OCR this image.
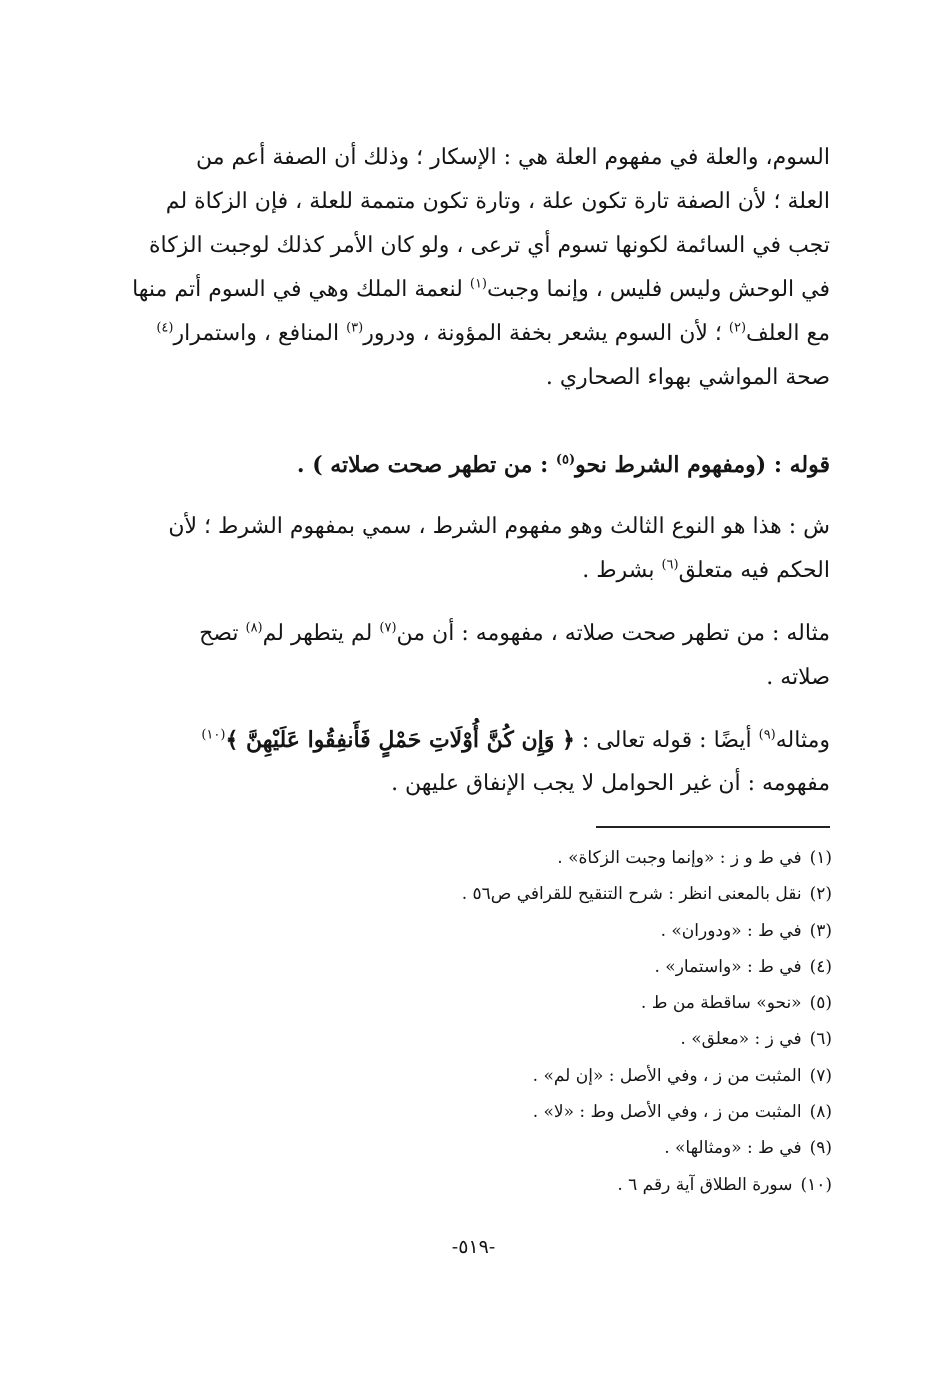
السوم، والعلة في مفهوم العلة هي : الإسكار ؛ وذلك أن الصفة أعم من
العلة ؛ لأن الصفة تارة تكون علة ، وتارة تكون متممة للعلة ، فإن الزكاة لم
تجب في السائمة لكونها تسوم أي ترعى ، ولو كان الأمر كذلك لوجبت الزكاة
في الوحش وليس فليس ، وإنما وجبت$^{(١)}$ لنعمة الملك وهي في السوم أتم منها
مع العلف$^{(٢)}$ ؛ لأن السوم يشعر بخفة المؤونة ، ودرور$^{(٣)}$ المنافع ، واستمرار$^{(٤)}$
صحة المواشي بهواء الصحاري .
قوله : (ومفهوم الشرط نحو$^{(٥)}$ : من تطهر صحت صلاته ) .
ش : هذا هو النوع الثالث وهو مفهوم الشرط ، سمي بمفهوم الشرط ؛ لأن
الحكم فيه متعلق$^{(٦)}$ بشرط .
مثاله : من تطهر صحت صلاته ، مفهومه : أن من$^{(٧)}$ لم يتطهر لم$^{(٨)}$ تصح
صلاته .
ومثاله$^{(٩)}$ أيضًا : قوله تعالى : ﴿ وَإِن كُنَّ أُوْلَاتِ حَمْلٍ فَأَنفِقُوا عَلَيْهِنَّ ﴾$^{(١٠)}$
مفهومه : أن غير الحوامل لا يجب الإنفاق عليهن .
(١)في ط و ز : «وإنما وجبت الزكاة» .
(٢)نقل بالمعنى انظر : شرح التنقيح للقرافي ص٥٦ .
(٣)في ط : «ودوران» .
(٤)في ط : «واستمار» .
(٥)«نحو» ساقطة من ط .
(٦)في ز : «معلق» .
(٧)المثبت من ز ، وفي الأصل : «إن لم» .
(٨)المثبت من ز ، وفي الأصل وط : «لا» .
(٩)في ط : «ومثالها» .
(١٠)سورة الطلاق آية رقم ٦ .
-٥١٩-
